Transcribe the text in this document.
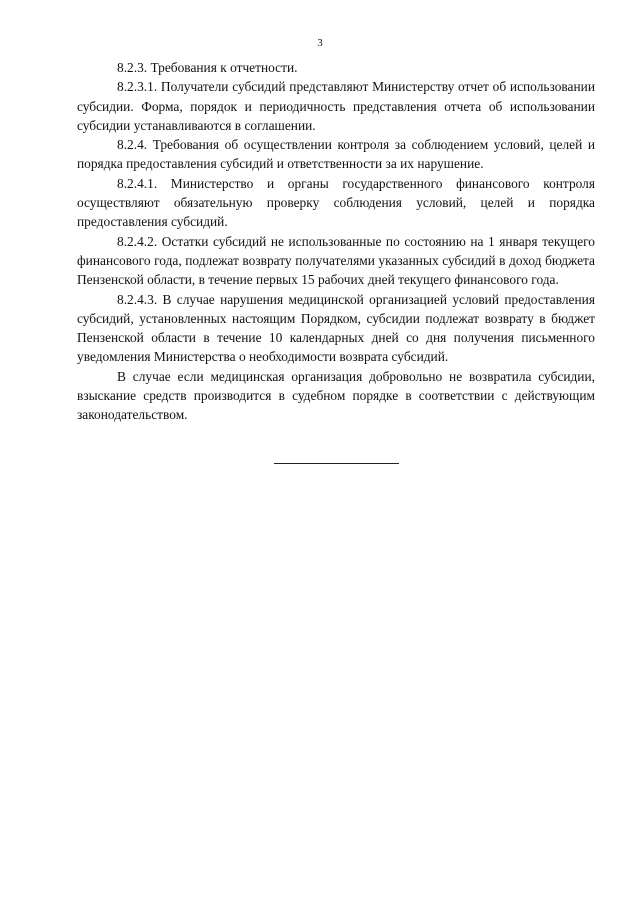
3

8.2.3. Требования к отчетности.

8.2.3.1. Получатели субсидий представляют Министерству отчет об использовании субсидии. Форма, порядок и периодичность представления отчета об использовании субсидии устанавливаются в соглашении.

8.2.4. Требования об осуществлении контроля за соблюдением условий, целей и порядка предоставления субсидий и ответственности за их нарушение.

8.2.4.1. Министерство и органы государственного финансового контроля осуществляют обязательную проверку соблюдения условий, целей и порядка предоставления субсидий.

8.2.4.2. Остатки субсидий не использованные по состоянию на 1 января текущего финансового года, подлежат возврату получателями указанных субсидий в доход бюджета Пензенской области, в течение первых 15 рабочих дней текущего финансового года.

8.2.4.3. В случае нарушения медицинской организацией условий предоставления субсидий, установленных настоящим Порядком, субсидии подлежат возврату в бюджет Пензенской области в течение 10 календарных дней со дня получения письменного уведомления Министерства о необходимости возврата субсидий.

В случае если медицинская организация добровольно не возвратила субсидии, взыскание средств производится в судебном порядке в соответствии с действующим законодательством.
